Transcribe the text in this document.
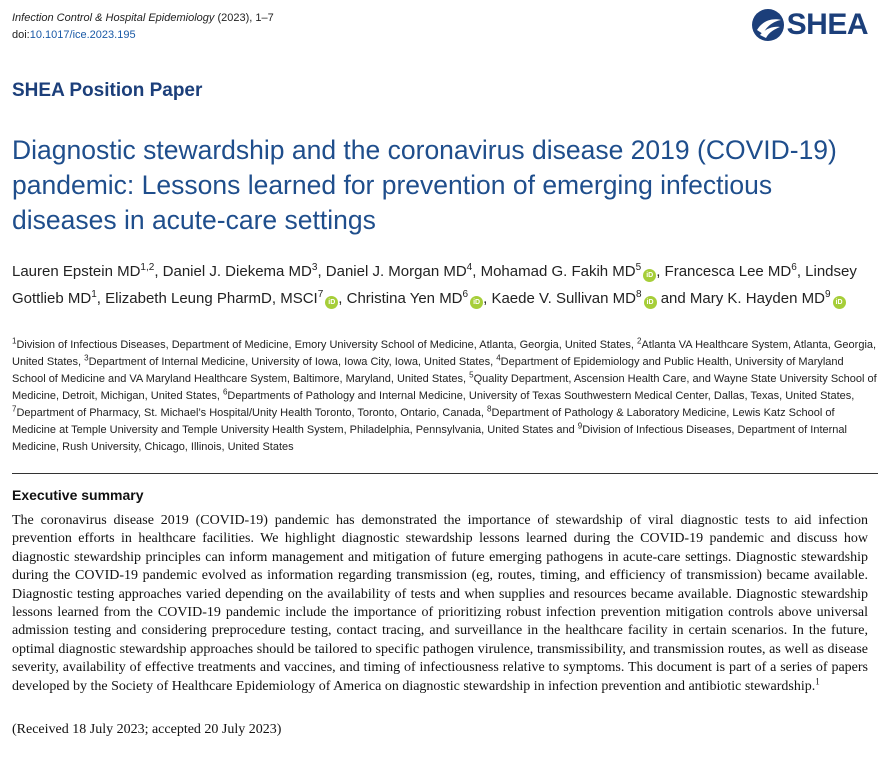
Infection Control & Hospital Epidemiology (2023), 1–7
doi:10.1017/ice.2023.195	SHEA
SHEA Position Paper
Diagnostic stewardship and the coronavirus disease 2019 (COVID-19) pandemic: Lessons learned for prevention of emerging infectious diseases in acute-care settings
Lauren Epstein MD$^{1,2}$, Daniel J. Diekema $MD^3$, Daniel J. Morgan $MD^4$, Mohamad G. Fakih $MD^5iD$ , Francesca Lee $MD^6$, Lindsey Gottlieb $MD^1$, Elizabeth Leung PharmD, MSCI$^7$iD , Christina Yen $MD^6iD$ , Kaede V. Sullivan $MD^8iD$ and Mary K. Hayden $MD^9iD$
$^1$Division of Infectious Diseases, Department of Medicine, Emory University School of Medicine, Atlanta, Georgia, United States, $^2$Atlanta VA Healthcare System, Atlanta, Georgia, United States, $^3$Department of Internal Medicine, University of Iowa, Iowa City, Iowa, United States, $^4$Department of Epidemiology and Public Health, University of Maryland School of Medicine and VA Maryland Healthcare System, Baltimore, Maryland, United States, $^5$Quality Department, Ascension Health Care, and Wayne State University School of Medicine, Detroit, Michigan, United States, $^6$Departments of Pathology and Internal Medicine, University of Texas Southwestern Medical Center, Dallas, Texas, United States, $^7$Department of Pharmacy, St. Michael’s Hospital/Unity Health Toronto, Toronto, Ontario, Canada, $^8$Department of Pathology & Laboratory Medicine, Lewis Katz School of Medicine at Temple University and Temple University Health System, Philadelphia, Pennsylvania, United States and $^9$Division of Infectious Diseases, Department of Internal Medicine, Rush University, Chicago, Illinois, United States
Executive summary

The coronavirus disease 2019 (COVID-19) pandemic has demonstrated the importance of stewardship of viral diagnostic tests to aid infection prevention efforts in healthcare facilities. We highlight diagnostic stewardship lessons learned during the COVID-19 pandemic and discuss how diagnostic stewardship principles can inform management and mitigation of future emerging pathogens in acute-care settings. Diagnostic stewardship during the COVID-19 pandemic evolved as information regarding transmission (eg, routes, timing, and efficiency of transmission) became available. Diagnostic testing approaches varied depending on the availability of tests and when supplies and resources became available. Diagnostic stewardship lessons learned from the COVID-19 pandemic include the importance of prioritizing robust infection prevention mitigation controls above universal admission testing and considering preprocedure testing, contact tracing, and surveillance in the healthcare facility in certain scenarios. In the future, optimal diagnostic stewardship approaches should be tailored to specific pathogen virulence, transmissibility, and transmission routes, as well as disease severity, availability of effective treatments and vaccines, and timing of infectiousness relative to symptoms. This document is part of a series of papers developed by the Society of Healthcare Epidemiology of America on diagnostic stewardship in infection prevention and antibiotic stewardship.$^1$

(Received 18 July 2023; accepted 20 July 2023)
